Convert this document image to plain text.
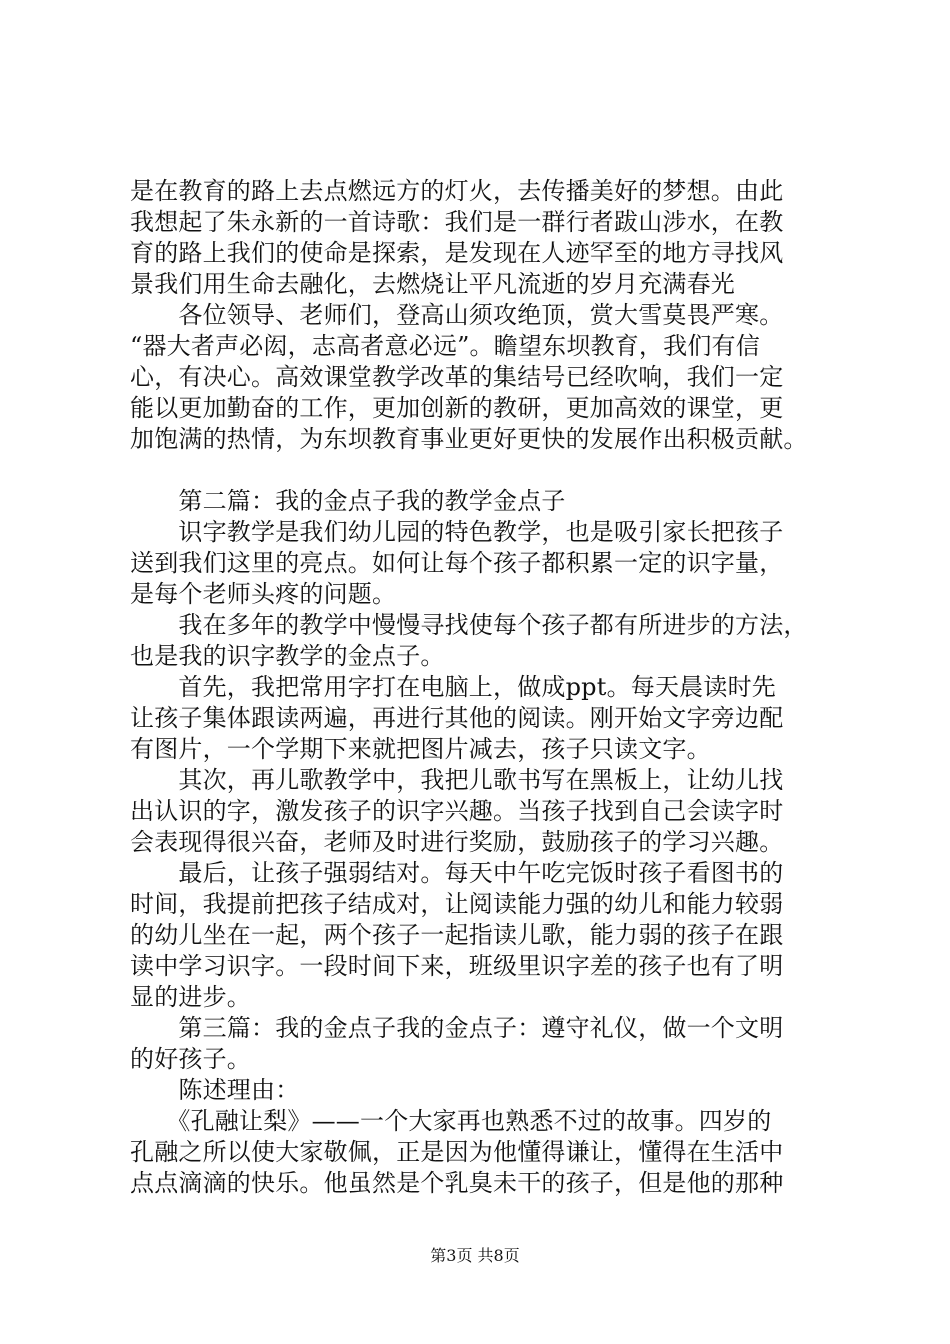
是在教育的路上去点燃远方的灯火，去传播美好的梦想。由此
我想起了朱永新的一首诗歌：我们是一群行者跋山涉水，在教
育的路上我们的使命是探索，是发现在人迹罕至的地方寻找风
景我们用生命去融化，去燃烧让平凡流逝的岁月充满春光
　　各位领导、老师们，登高山须攻绝顶，赏大雪莫畏严寒。
“器大者声必闳，志高者意必远”。瞻望东坝教育，我们有信
心，有决心。高效课堂教学改革的集结号已经吹响，我们一定
能以更加勤奋的工作，更加创新的教研，更加高效的课堂，更
加饱满的热情，为东坝教育事业更好更快的发展作出积极贡献。
　　第二篇：我的金点子我的教学金点子
　　识字教学是我们幼儿园的特色教学，也是吸引家长把孩子
送到我们这里的亮点。如何让每个孩子都积累一定的识字量，
是每个老师头疼的问题。
　　我在多年的教学中慢慢寻找使每个孩子都有所进步的方法，
也是我的识字教学的金点子。
　　首先，我把常用字打在电脑上，做成ppt。每天晨读时先
让孩子集体跟读两遍，再进行其他的阅读。刚开始文字旁边配
有图片，一个学期下来就把图片减去，孩子只读文字。
　　其次，再儿歌教学中，我把儿歌书写在黑板上，让幼儿找
出认识的字，激发孩子的识字兴趣。当孩子找到自己会读字时
会表现得很兴奋，老师及时进行奖励，鼓励孩子的学习兴趣。
　　最后，让孩子强弱结对。每天中午吃完饭时孩子看图书的
时间，我提前把孩子结成对，让阅读能力强的幼儿和能力较弱
的幼儿坐在一起，两个孩子一起指读儿歌，能力弱的孩子在跟
读中学习识字。一段时间下来，班级里识字差的孩子也有了明
显的进步。
　　第三篇：我的金点子我的金点子：遵守礼仪，做一个文明
的好孩子。
　　陈述理由：
　　《孔融让梨》——一个大家再也熟悉不过的故事。四岁的
孔融之所以使大家敬佩，正是因为他懂得谦让，懂得在生活中
点点滴滴的快乐。他虽然是个乳臭未干的孩子，但是他的那种
第3页 共8页
